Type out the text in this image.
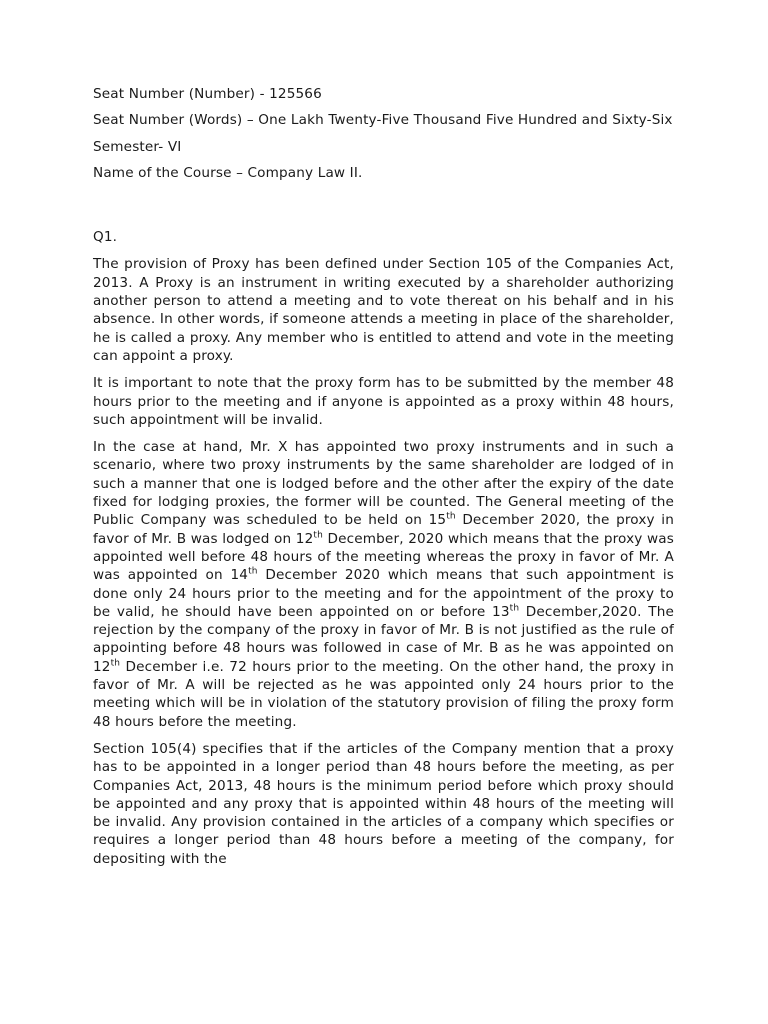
Seat Number (Number) - 125566
Seat Number (Words) – One Lakh Twenty-Five Thousand Five Hundred and Sixty-Six
Semester- VI
Name of the Course – Company Law II.
Q1.

The provision of Proxy has been defined under Section 105 of the Companies Act, 2013. A Proxy is an instrument in writing executed by a shareholder authorizing another person to attend a meeting and to vote thereat on his behalf and in his absence. In other words, if someone attends a meeting in place of the shareholder, he is called a proxy. Any member who is entitled to attend and vote in the meeting can appoint a proxy.

It is important to note that the proxy form has to be submitted by the member 48 hours prior to the meeting and if anyone is appointed as a proxy within 48 hours, such appointment will be invalid.

In the case at hand, Mr. X has appointed two proxy instruments and in such a scenario, where two proxy instruments by the same shareholder are lodged of in such a manner that one is lodged before and the other after the expiry of the date fixed for lodging proxies, the former will be counted. The General meeting of the Public Company was scheduled to be held on 15th December 2020, the proxy in favor of Mr. B was lodged on 12th December, 2020 which means that the proxy was appointed well before 48 hours of the meeting whereas the proxy in favor of Mr. A was appointed on 14th December 2020 which means that such appointment is done only 24 hours prior to the meeting and for the appointment of the proxy to be valid, he should have been appointed on or before 13th December,2020. The rejection by the company of the proxy in favor of Mr. B is not justified as the rule of appointing before 48 hours was followed in case of Mr. B as he was appointed on 12th December i.e. 72 hours prior to the meeting. On the other hand, the proxy in favor of Mr. A will be rejected as he was appointed only 24 hours prior to the meeting which will be in violation of the statutory provision of filing the proxy form 48 hours before the meeting.

Section 105(4) specifies that if the articles of the Company mention that a proxy has to be appointed in a longer period than 48 hours before the meeting, as per Companies Act, 2013, 48 hours is the minimum period before which proxy should be appointed and any proxy that is appointed within 48 hours of the meeting will be invalid. Any provision contained in the articles of a company which specifies or requires a longer period than 48 hours before a meeting of the company, for depositing with the
